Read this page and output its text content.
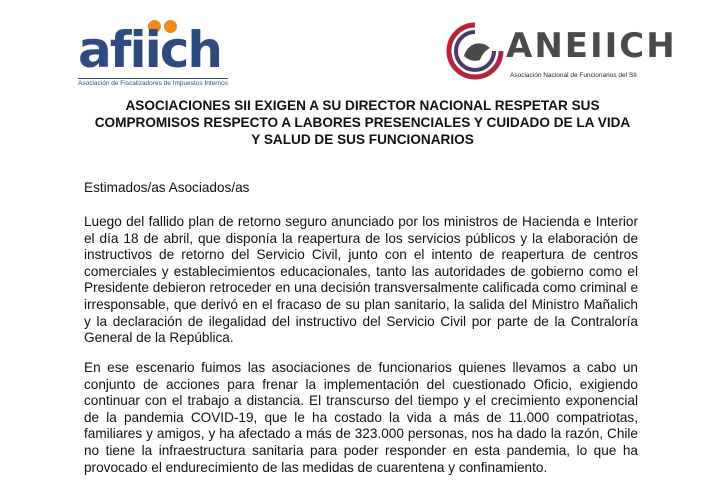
afiich
Asociación de Fiscalizadores de Impuestos Internos
ANEIICH
Asociación Nacional de Funcionarios del SII
ASOCIACIONES SII EXIGEN A SU DIRECTOR NACIONAL RESPETAR SUS COMPROMISOS RESPECTO A LABORES PRESENCIALES Y CUIDADO DE LA VIDA Y SALUD DE SUS FUNCIONARIOS
Estimados/as Asociados/as
Luego del fallido plan de retorno seguro anunciado por los ministros de Hacienda e Interior el día 18 de abril, que disponía la reapertura de los servicios públicos y la elaboración de instructivos de retorno del Servicio Civil, junto con el intento de reapertura de centros comerciales y establecimientos educacionales, tanto las autoridades de gobierno como el Presidente debieron retroceder en una decisión transversalmente calificada como criminal e irresponsable, que derivó en el fracaso de su plan sanitario, la salida del Ministro Mañalich y la declaración de ilegalidad del instructivo del Servicio Civil por parte de la Contraloría General de la República.
En ese escenario fuimos las asociaciones de funcionarios quienes llevamos a cabo un conjunto de acciones para frenar la implementación del cuestionado Oficio, exigiendo continuar con el trabajo a distancia. El transcurso del tiempo y el crecimiento exponencial de la pandemia COVID-19, que le ha costado la vida a más de 11.000 compatriotas, familiares y amigos, y ha afectado a más de 323.000 personas, nos ha dado la razón, Chile no tiene la infraestructura sanitaria para poder responder en esta pandemia, lo que ha provocado el endurecimiento de las medidas de cuarentena y confinamiento.
